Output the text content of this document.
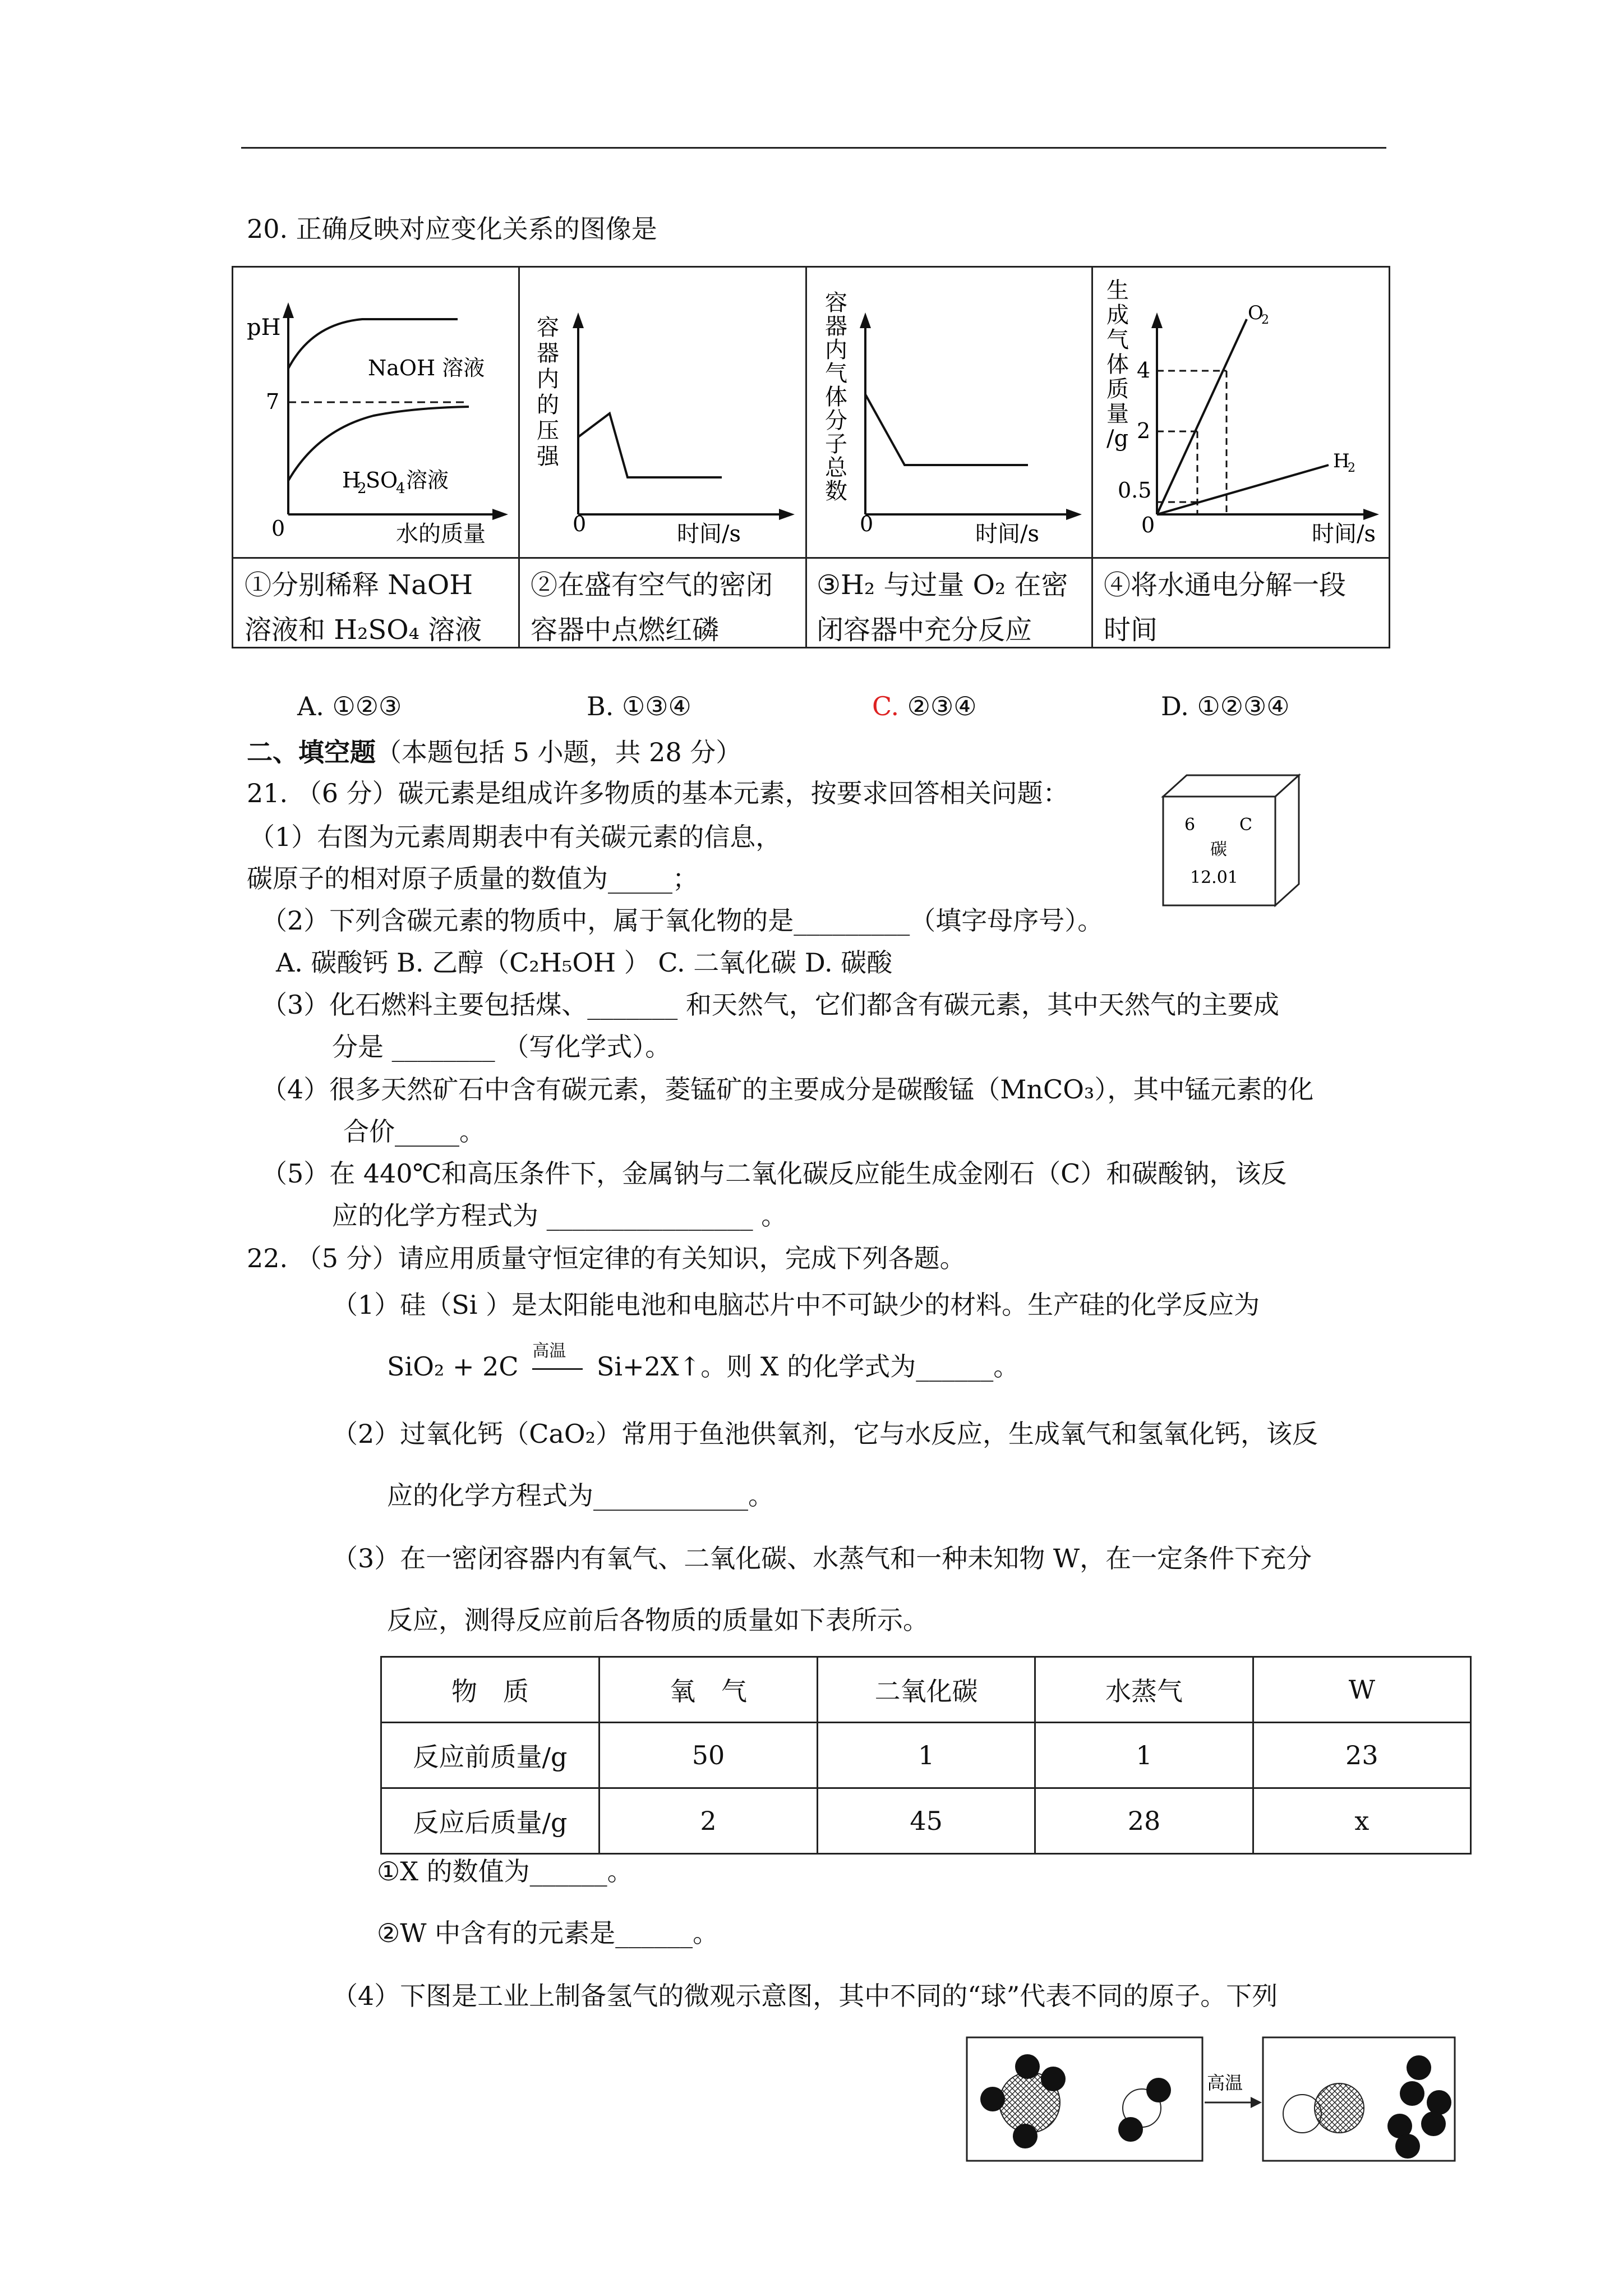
20. 正确反映对应变化关系的图像是
pH
7
0	水的质量
NaOH 溶液
H
2
SO
4 溶液
容 器 内 的 压 强
0	时间/s
容 器 内 气 体 分 子 总 数
0	时间/s
生 成 气 体 质 量 /g
4
2
0.5
0	时间/s
O
2
H
2
①分别稀释 NaOH 溶液和 H₂SO₄ 溶液
②在盛有空气的密闭容器中点燃红磷
③H₂ 与过量 O₂ 在密闭容器中充分反应
④将水通电分解一段时间
A. ①②③	B. ①③④	C. ②③④	D. ①②③④
二、填空题（本题包括 5 小题，共 28 分）
21. （6 分）碳元素是组成许多物质的基本元素，按要求回答相关问题：
（1）右图为元素周期表中有关碳元素的信息，
碳原子的相对原子质量的数值为_____；
（2）下列含碳元素的物质中，属于氧化物的是_________（填字母序号）。
A. 碳酸钙 B. 乙醇（C₂H₅OH ） C. 二氧化碳 D. 碳酸
（3）化石燃料主要包括煤、_______ 和天然气，它们都含有碳元素，其中天然气的主要成
分是 ________ （写化学式）。
（4）很多天然矿石中含有碳元素，菱锰矿的主要成分是碳酸锰（MnCO₃），其中锰元素的化
合价_____。
（5）在 440℃和高压条件下，金属钠与二氧化碳反应能生成金刚石（C）和碳酸钠，该反
应的化学方程式为 ________________ 。
6	C
碳
12.01
22. （5 分）请应用质量守恒定律的有关知识，完成下列各题。
（1）硅（Si ）是太阳能电池和电脑芯片中不可缺少的材料。生产硅的化学反应为
SiO₂ + 2C
高温
Si+2X↑。则 X 的化学式为______。
（2）过氧化钙（CaO₂）常用于鱼池供氧剂，它与水反应，生成氧气和氢氧化钙，该反
应的化学方程式为____________。
（3）在一密闭容器内有氧气、二氧化碳、水蒸气和一种未知物 W，在一定条件下充分
反应，测得反应前后各物质的质量如下表所示。
物　质	氧　气	二氧化碳	水蒸气	W
反应前质量/g	50	1	1	23
反应后质量/g	2	45	28	x
①X 的数值为______。
②W 中含有的元素是______。
（4）下图是工业上制备氢气的微观示意图，其中不同的“球”代表不同的原子。下列
高温
